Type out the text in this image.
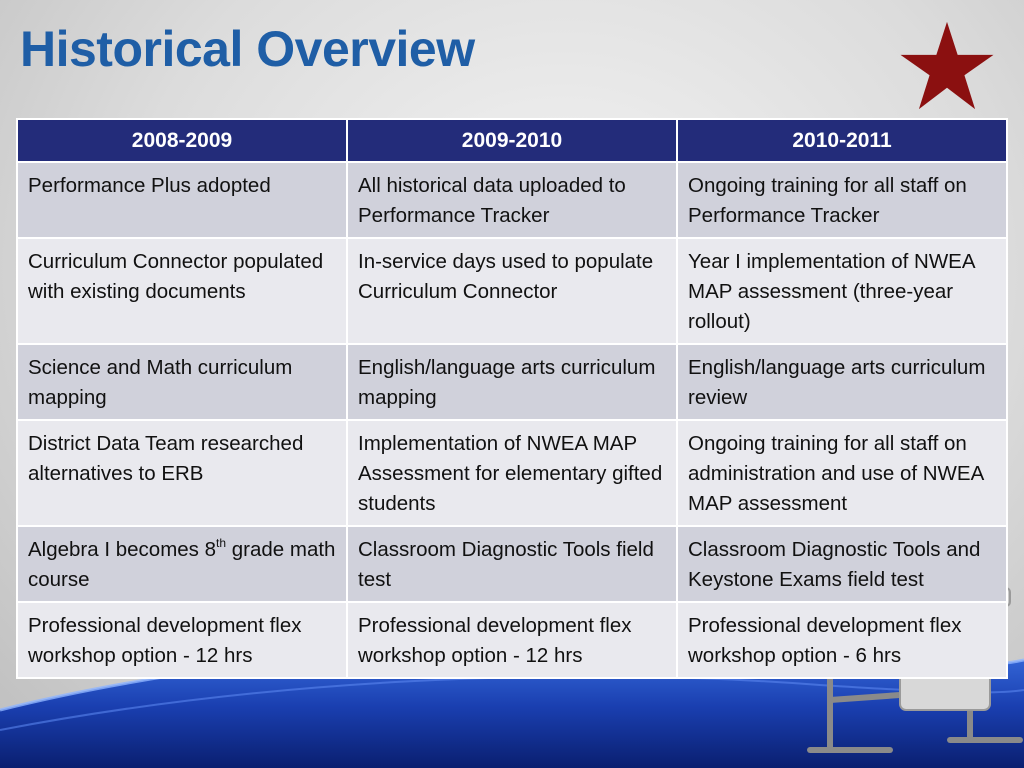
Historical Overview
2008-2009	2009-2010	2010-2011
Performance Plus adopted	All historical data uploaded to Performance Tracker	Ongoing training for all staff on Performance Tracker
Curriculum Connector populated with existing documents	In-service days used to populate Curriculum Connector	Year I implementation of NWEA MAP assessment (three-year rollout)
Science and Math curriculum mapping	English/language arts curriculum mapping	English/language arts curriculum review
District Data Team researched alternatives to ERB	Implementation of NWEA MAP Assessment for elementary gifted students	Ongoing training for all staff on administration and use of NWEA MAP assessment
Algebra I becomes 8th grade math course	Classroom Diagnostic Tools field test	Classroom Diagnostic Tools and Keystone Exams field test
Professional development flex workshop option - 12 hrs	Professional development flex workshop option - 12 hrs	Professional development flex workshop option - 6 hrs
